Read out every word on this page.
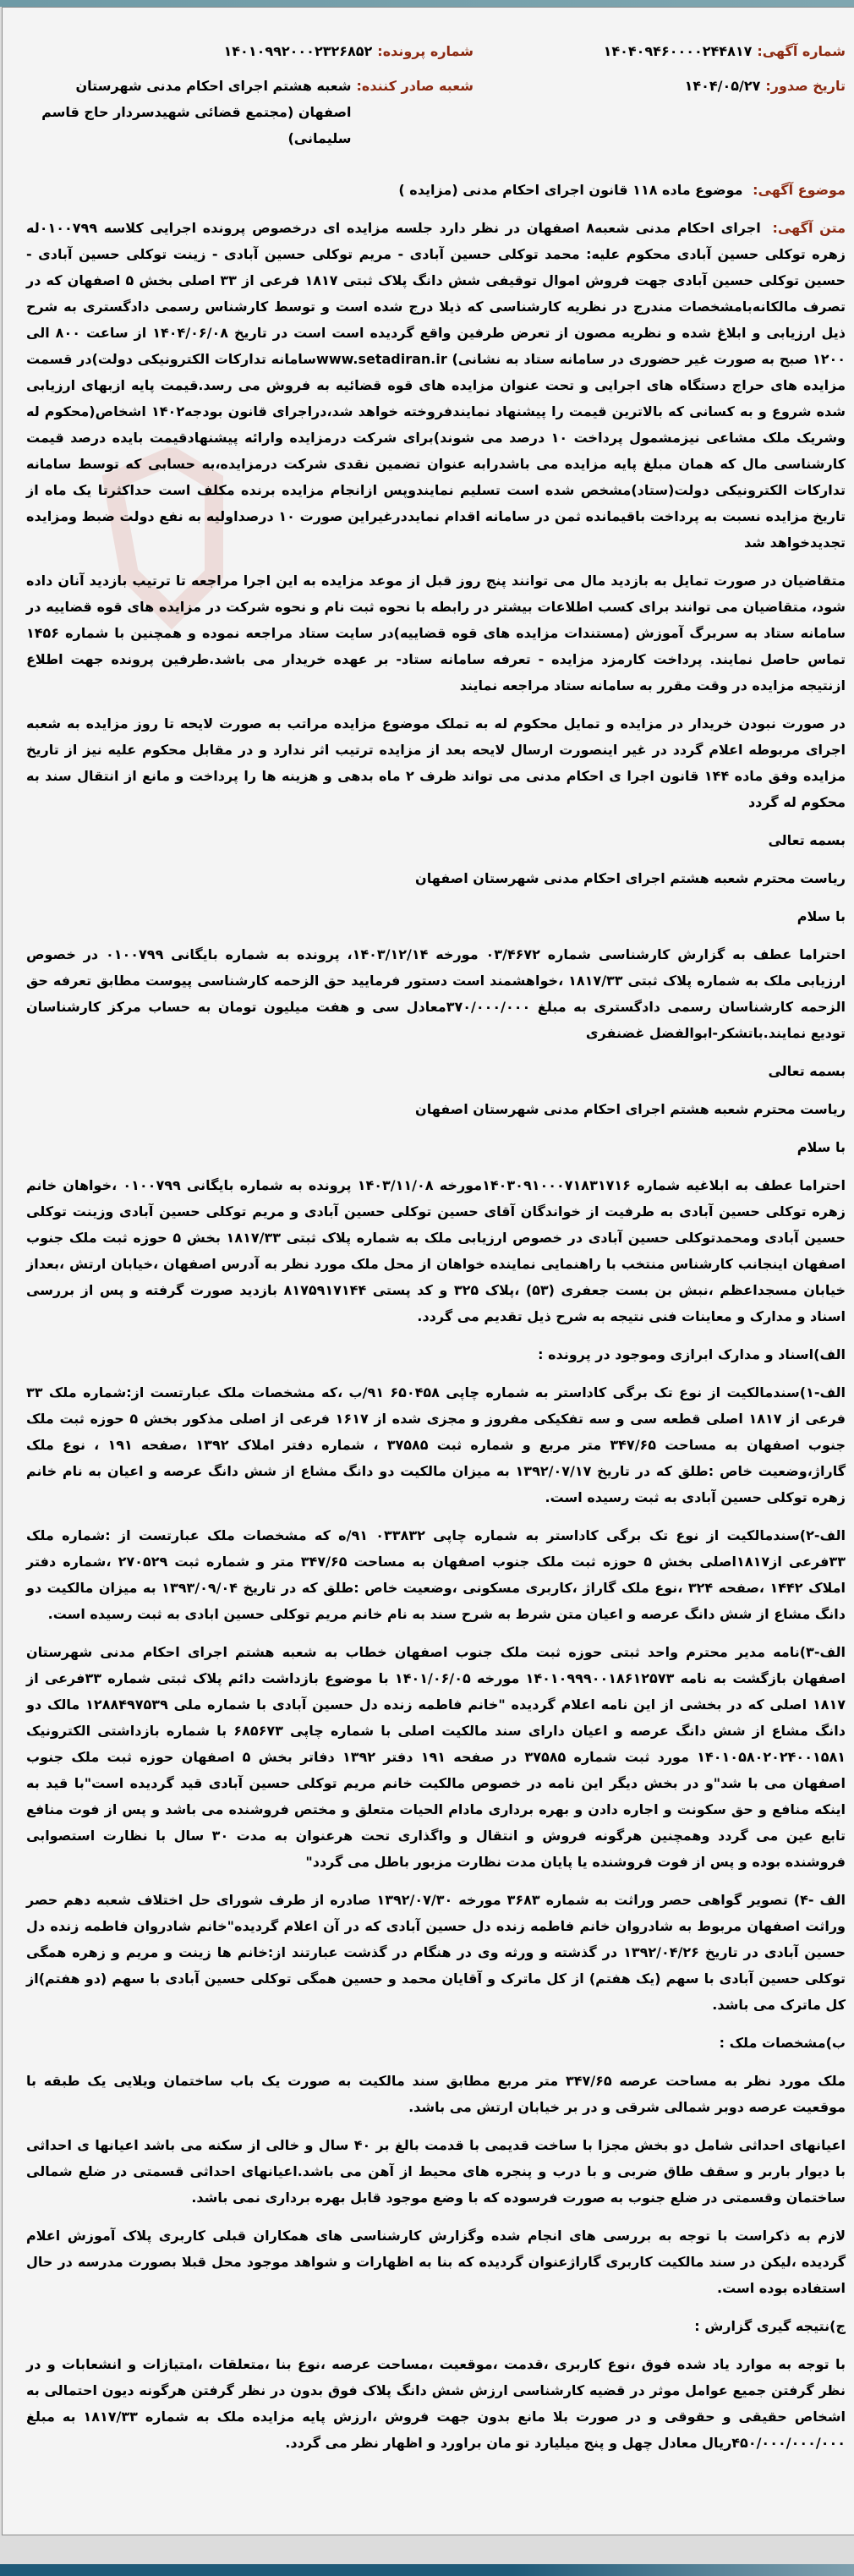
شماره آگهی:
۱۴۰۴۰۹۴۶۰۰۰۰۲۴۴۸۱۷
شماره پرونده:
۱۴۰۱۰۹۹۲۰۰۰۲۳۲۶۸۵۲
تاریخ صدور:
۱۴۰۴/۰۵/۲۷
شعبه صادر کننده:
شعبه هشتم اجرای احکام مدنی شهرستان اصفهان (مجتمع قضائی شهیدسردار حاج قاسم سلیمانی)
موضوع آگهی: موضوع ماده ۱۱۸ قانون اجرای احکام مدنی (مزایده )

متن آگهی: اجرای احکام مدنی شعبه۸ اصفهان در نظر دارد جلسه مزایده ای درخصوص پرونده اجرایی کلاسه ۰۱۰۰۷۹۹له زهره توکلی حسین آبادی محکوم علیه: محمد توکلی حسین آبادی - مریم توکلی حسین آبادی - زینت توکلی حسین آبادی - حسین توکلی حسین آبادی جهت فروش اموال توقیفی شش دانگ پلاک ثبتی ۱۸۱۷ فرعی از ۳۳ اصلی بخش ۵ اصفهان که در تصرف مالکانه‌بامشخصات مندرج در نظریه کارشناسی که ذیلا درج شده است و توسط کارشناس رسمی دادگستری به شرح ذیل ارزیابی و ابلاغ شده و نظریه مصون از تعرض طرفین واقع گردیده است است در تاریخ ۱۴۰۴/۰۶/۰۸ از ساعت ۸۰۰ الی ۱۲۰۰ صبح به صورت غیر حضوری در سامانه ستاد به نشانی) www.setadiran.irسامانه تدارکات الکترونیکی دولت)در قسمت مزایده های حراج دستگاه های اجرایی و تحت عنوان مزایده های قوه قضائیه به فروش می رسد.قیمت پایه ازبهای ارزیابی شده شروع و به کسانی که بالاترین قیمت را پیشنهاد نمایندفروخته خواهد شد،دراجرای قانون بودجه۱۴۰۲ اشخاص(محکوم له وشریک ملک مشاعی نیزمشمول پرداخت ۱۰ درصد می شوند)برای شرکت درمزایده وارائه پیشنهادقیمت بایده درصد قیمت کارشناسی مال که همان مبلغ پایه مزایده می باشدرابه عنوان تضمین نقدی شرکت درمزایده،به حسابی که توسط سامانه تدارکات الکترونیکی دولت(ستاد)مشخص شده است تسلیم نمایندوپس ازانجام مزایده برنده مکلف است حداکثرتا یک ماه از تاریخ مزایده نسبت به پرداخت باقیمانده ثمن در سامانه اقدام نمایددرغیراین صورت ۱۰ درصداولیه به نفع دولت ضبط ومزایده تجدیدخواهد شد

متقاضیان در صورت تمایل به بازدید مال می توانند پنج روز قبل از موعد مزایده به این اجرا مراجعه تا ترتیب بازدید آنان داده شود، متقاضیان می توانند برای کسب اطلاعات بیشتر در رابطه با نحوه ثبت نام و نحوه شرکت در مزایده های قوه قضاییه در سامانه ستاد به سربرگ آموزش (مستندات مزایده های قوه قضاییه)در سایت ستاد مراجعه نموده و همچنین با شماره ۱۴۵۶ تماس حاصل نمایند. پرداخت کارمزد مزایده - تعرفه سامانه ستاد- بر عهده خریدار می باشد.طرفین پرونده جهت اطلاع ازنتیجه مزایده در وقت مقرر به سامانه ستاد مراجعه نمایند

در صورت نبودن خریدار در مزایده و تمایل محکوم له به تملک موضوع مزایده مراتب به صورت لایحه تا روز مزایده به شعبه اجرای مربوطه اعلام گردد در غیر اینصورت ارسال لایحه بعد از مزایده ترتیب اثر ندارد و در مقابل محکوم علیه نیز از تاریخ مزایده وفق ماده ۱۴۴ قانون اجرا ی احکام مدنی می تواند ظرف ۲ ماه بدهی و هزینه ها را پرداخت و مانع از انتقال سند به محکوم له گردد

بسمه تعالی

ریاست محترم شعبه هشتم اجرای احکام مدنی شهرستان اصفهان

با سلام

احتراما عطف به گزارش کارشناسی شماره ۰۳/۴۶۷۲ مورخه ۱۴۰۳/۱۲/۱۴، پرونده به شماره بایگانی ۰۱۰۰۷۹۹ در خصوص ارزیابی ملک به شماره پلاک ثبتی ۱۸۱۷/۳۳ ،خواهشمند است دستور فرمایید حق الزحمه کارشناسی پیوست مطابق تعرفه حق الزحمه کارشناسان رسمی دادگستری به مبلغ ۳۷۰/۰۰۰/۰۰۰معادل سی و هفت میلیون تومان به حساب مرکز کارشناسان تودیع نمایند.باتشکر-ابوالفضل غضنفری

بسمه تعالی

ریاست محترم شعبه هشتم اجرای احکام مدنی شهرستان اصفهان

با سلام

احتراما عطف به ابلاغیه شماره ۱۴۰۳۰۹۱۰۰۰۷۱۸۳۱۷۱۶مورخه ۱۴۰۳/۱۱/۰۸ پرونده به شماره بایگانی ۰۱۰۰۷۹۹ ،خواهان خانم زهره توکلی حسین آبادی به طرفیت از خواندگان آقای حسین توکلی حسین آبادی و مریم توکلی حسین آبادی وزینت توکلی حسین آبادی ومحمدتوکلی حسین آبادی در خصوص ارزیابی ملک به شماره پلاک ثبتی ۱۸۱۷/۳۳ بخش ۵ حوزه ثبت ملک جنوب اصفهان اینجانب کارشناس منتخب با راهنمایی نماینده خواهان از محل ملک مورد نظر به آدرس اصفهان ،خیابان ارتش ،بعداز خیابان مسجداعظم ،نبش بن بست جعفری (۵۳) ،پلاک ۳۲۵ و کد پستی ۸۱۷۵۹۱۷۱۴۴ بازدید صورت گرفته و پس از بررسی اسناد و مدارک و معاینات فنی نتیجه به شرح ذیل تقدیم می گردد.

الف)اسناد و مدارک ابرازی وموجود در پرونده :

الف-۱)سندمالکیت از نوع تک برگی کاداستر به شماره چاپی ۶۵۰۴۵۸ ۹۱/ب ،که مشخصات ملک عبارتست از:شماره ملک ۳۳ فرعی از ۱۸۱۷ اصلی قطعه سی و سه تفکیکی مفروز و مجزی شده از ۱۶۱۷ فرعی از اصلی مذکور بخش ۵ حوزه ثبت ملک جنوب اصفهان به مساحت ۳۴۷/۶۵ متر مربع و شماره ثبت ۳۷۵۸۵ ، شماره دفتر املاک ۱۳۹۲ ،صفحه ۱۹۱ ، نوع ملک گاراژ،وضعیت خاص :طلق که در تاریخ ۱۳۹۲/۰۷/۱۷ به میزان مالکیت دو دانگ مشاع از شش دانگ عرصه و اعیان به نام خانم زهره توکلی حسین آبادی به ثبت رسیده است.

الف-۲)سندمالکیت از نوع تک برگی کاداستر به شماره چاپی ۰۳۳۸۳۲ ۹۱/ه که مشخصات ملک عبارتست از :شماره ملک ۳۳فرعی از۱۸۱۷اصلی بخش ۵ حوزه ثبت ملک جنوب اصفهان به مساحت ۳۴۷/۶۵ متر و شماره ثبت ۲۷۰۵۲۹ ،شماره دفتر املاک ۱۴۴۲ ،صفحه ۳۲۴ ،نوع ملک گاراژ ،کاربری مسکونی ،وضعیت خاص :طلق که در تاریخ ۱۳۹۳/۰۹/۰۴ به میزان مالکیت دو دانگ مشاع از شش دانگ عرصه و اعیان متن شرط به شرح سند به نام خانم مریم توکلی حسین ابادی به ثبت رسیده است.

الف-۳)نامه مدیر محترم واحد ثبتی حوزه ثبت ملک جنوب اصفهان خطاب به شعبه هشتم اجرای احکام مدنی شهرستان اصفهان بازگشت به نامه ۱۴۰۱۰۹۹۹۰۰۱۸۶۱۲۵۷۳ مورخه ۱۴۰۱/۰۶/۰۵ با موضوع بازداشت دائم پلاک ثبتی شماره ۳۳فرعی از ۱۸۱۷ اصلی که در بخشی از این نامه اعلام گردیده "خانم فاطمه زنده دل حسین آبادی با شماره ملی ۱۲۸۸۴۹۷۵۳۹ مالک دو دانگ مشاع از شش دانگ عرصه و اعیان دارای سند مالکیت اصلی با شماره چاپی ۶۸۵۶۷۳ با شماره بازداشتی الکترونیک ۱۴۰۱۰۵۸۰۲۰۲۴۰۰۱۵۸۱ مورد ثبت شماره ۳۷۵۸۵ در صفحه ۱۹۱ دفتر ۱۳۹۲ دفاتر بخش ۵ اصفهان حوزه ثبت ملک جنوب اصفهان می با شد"و در بخش دیگر این نامه در خصوص مالکیت خانم مریم توکلی حسین آبادی قید گردیده است"با قید به اینکه منافع و حق سکونت و اجاره دادن و بهره برداری مادام الحیات متعلق و مختص فروشنده می باشد و پس از فوت منافع تابع عین می گردد وهمچنین هرگونه فروش و انتقال و واگذاری تحت هرعنوان به مدت ۳۰ سال با نظارت استصوابی فروشنده بوده و پس از فوت فروشنده یا پایان مدت نظارت مزبور باطل می گردد"

الف -۴) تصویر گواهی حصر وراثت به شماره ۳۶۸۳ مورخه ۱۳۹۲/۰۷/۳۰ صادره از طرف شورای حل اختلاف شعبه دهم حصر وراثت اصفهان مربوط به شادروان خانم فاطمه زنده دل حسین آبادی که در آن اعلام گردیده"خانم شادروان فاطمه زنده دل حسین آبادی در تاریخ ۱۳۹۲/۰۴/۲۶ در گذشته و ورثه وی در هنگام در گذشت عبارتند از:خانم ها زینت و مریم و زهره همگی توکلی حسین آبادی با سهم (یک هفتم) از کل ماترک و آقایان محمد و حسین همگی توکلی حسین آبادی با سهم (دو هفتم)از کل ماترک می باشد.

ب)مشخصات ملک :

ملک مورد نظر به مساحت عرصه ۳۴۷/۶۵ متر مربع مطابق سند مالکیت به صورت یک باب ساختمان ویلایی یک طبقه با موقعیت عرصه دوبر شمالی شرقی و در بر خیابان ارتش می باشد.

اعیانهای احداثی شامل دو بخش مجزا با ساخت قدیمی با قدمت بالغ بر ۴۰ سال و خالی از سکنه می باشد اعیانها ی احداثی با دیوار باربر و سقف طاق ضربی و با درب و پنجره های محیط از آهن می باشد.اعیانهای احداثی قسمتی در ضلع شمالی ساختمان وقسمتی در ضلع جنوب به صورت فرسوده که با وضع موجود قابل بهره برداری نمی باشد.

لازم به ذکراست با توجه به بررسی های انجام شده وگزارش کارشناسی های همکاران قبلی کاربری پلاک آموزش اعلام گردیده ،لیکن در سند مالکیت کاربری گاراژعنوان گردیده که بنا به اظهارات و شواهد موجود محل قبلا بصورت مدرسه در حال استفاده بوده است.

ج)نتیجه گیری گزارش :

با توجه به موارد یاد شده فوق ،نوع کاربری ،قدمت ،موقعیت ،مساحت عرصه ،نوع بنا ،متعلقات ،امتیازات و انشعابات و در نظر گرفتن جمیع عوامل موثر در قضیه کارشناسی ارزش شش دانگ پلاک فوق بدون در نظر گرفتن هرگونه دیون احتمالی به اشخاص حقیقی و حقوقی و در صورت بلا مانع بدون جهت فروش ،ارزش پایه مزایده ملک به شماره ۱۸۱۷/۳۳ به مبلغ ۴۵۰/۰۰۰/۰۰۰/۰۰۰ریال معادل چهل و پنج میلیارد تو مان براورد و اظهار نظر می گردد.
